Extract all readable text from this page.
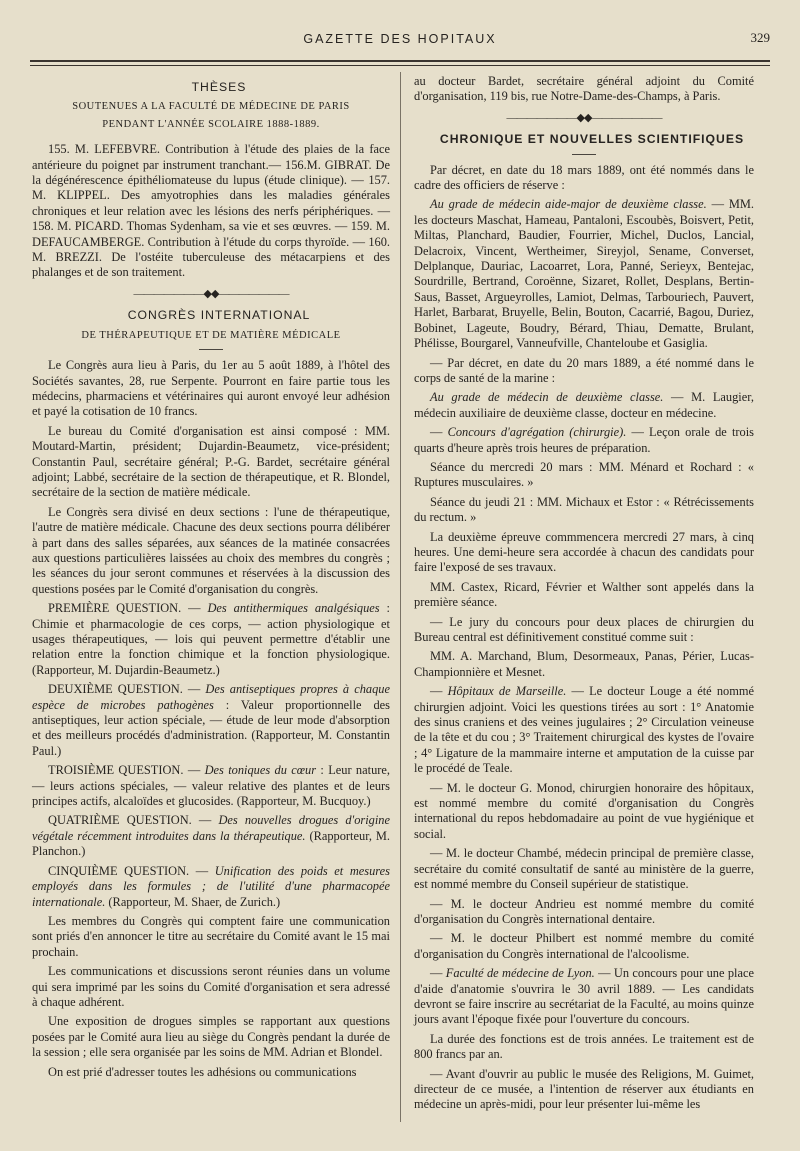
GAZETTE DES HOPITAUX	329

THÈSES

SOUTENUES A LA FACULTÉ DE MÉDECINE DE PARIS
PENDANT L'ANNÉE SCOLAIRE 1888-1889.

155. M. LEFEBVRE. Contribution à l'étude des plaies de la face antérieure du poignet par instrument tranchant.— 156.M. GIBRAT. De la dégénérescence épithéliomateuse du lupus (étude clinique). — 157. M. KLIPPEL. Des amyotrophies dans les maladies générales chroniques et leur relation avec les lésions des nerfs périphériques. — 158. M. PICARD. Thomas Sydenham, sa vie et ses œuvres. — 159. M. DEFAUCAMBERGE. Contribution à l'étude du corps thyroïde. — 160. M. BREZZI. De l'ostéite tuberculeuse des métacarpiens et des phalanges et de son traitement.

———————◆◆———————

CONGRÈS INTERNATIONAL

DE THÉRAPEUTIQUE ET DE MATIÈRE MÉDICALE

Le Congrès aura lieu à Paris, du 1er au 5 août 1889, à l'hôtel des Sociétés savantes, 28, rue Serpente. Pourront en faire partie tous les médecins, pharmaciens et vétérinaires qui auront envoyé leur adhésion et payé la cotisation de 10 francs.

Le bureau du Comité d'organisation est ainsi composé : MM. Moutard-Martin, président; Dujardin-Beaumetz, vice-président; Constantin Paul, secrétaire général; P.-G. Bardet, secrétaire général adjoint; Labbé, secrétaire de la section de thérapeutique, et R. Blondel, secrétaire de la section de matière médicale.

Le Congrès sera divisé en deux sections : l'une de thérapeutique, l'autre de matière médicale. Chacune des deux sections pourra délibérer à part dans des salles séparées, aux séances de la matinée consacrées aux questions particulières laissées au choix des membres du congrès ; les séances du jour seront communes et réservées à la discussion des questions posées par le Comité d'organisation du congrès.

PREMIÈRE QUESTION. — Des antithermiques analgésiques : Chimie et pharmacologie de ces corps, — action physiologique et usages thérapeutiques, — lois qui peuvent permettre d'établir une relation entre la fonction chimique et la fonction physiologique. (Rapporteur, M. Dujardin-Beaumetz.)

DEUXIÈME QUESTION. — Des antiseptiques propres à chaque espèce de microbes pathogènes : Valeur proportionnelle des antiseptiques, leur action spéciale, — étude de leur mode d'absorption et des meilleurs procédés d'administration. (Rapporteur, M. Constantin Paul.)

TROISIÈME QUESTION. — Des toniques du cœur : Leur nature, — leurs actions spéciales, — valeur relative des plantes et de leurs principes actifs, alcaloïdes et glucosides. (Rapporteur, M. Bucquoy.)

QUATRIÈME QUESTION. — Des nouvelles drogues d'origine végétale récemment introduites dans la thérapeutique. (Rapporteur, M. Planchon.)

CINQUIÈME QUESTION. — Unification des poids et mesures employés dans les formules ; de l'utilité d'une pharmacopée internationale. (Rapporteur, M. Shaer, de Zurich.)

Les membres du Congrès qui comptent faire une communication sont priés d'en annoncer le titre au secrétaire du Comité avant le 15 mai prochain.

Les communications et discussions seront réunies dans un volume qui sera imprimé par les soins du Comité d'organisation et sera adressé à chaque adhérent.

Une exposition de drogues simples se rapportant aux questions posées par le Comité aura lieu au siège du Congrès pendant la durée de la session ; elle sera organisée par les soins de MM. Adrian et Blondel.

On est prié d'adresser toutes les adhésions ou communications

au docteur Bardet, secrétaire général adjoint du Comité d'organisation, 119 bis, rue Notre-Dame-des-Champs, à Paris.

———————◆◆———————

CHRONIQUE ET NOUVELLES SCIENTIFIQUES

Par décret, en date du 18 mars 1889, ont été nommés dans le cadre des officiers de réserve :

Au grade de médecin aide-major de deuxième classe. — MM. les docteurs Maschat, Hameau, Pantaloni, Escoubès, Boisvert, Petit, Miltas, Planchard, Baudier, Fourrier, Michel, Duclos, Lancial, Delacroix, Vincent, Wertheimer, Sireyjol, Sename, Converset, Delplanque, Dauriac, Lacoarret, Lora, Panné, Serieyx, Bentejac, Sourdrille, Bertrand, Coroënne, Sizaret, Rollet, Desplans, Bertin-Saus, Basset, Argueyrolles, Lamiot, Delmas, Tarbouriech, Pauvert, Harlet, Barbarat, Bruyelle, Belin, Bouton, Cacarrié, Bagou, Duriez, Bobinet, Lageute, Boudry, Bérard, Thiau, Dematte, Brulant, Phélisse, Bourgarel, Vanneufville, Chanteloube et Gasiglia.

— Par décret, en date du 20 mars 1889, a été nommé dans le corps de santé de la marine :

Au grade de médecin de deuxième classe. — M. Laugier, médecin auxiliaire de deuxième classe, docteur en médecine.

— Concours d'agrégation (chirurgie). — Leçon orale de trois quarts d'heure après trois heures de préparation.

Séance du mercredi 20 mars : MM. Ménard et Rochard : « Ruptures musculaires. »

Séance du jeudi 21 : MM. Michaux et Estor : « Rétrécissements du rectum. »

La deuxième épreuve commmencera mercredi 27 mars, à cinq heures. Une demi-heure sera accordée à chacun des candidats pour faire l'exposé de ses travaux.

MM. Castex, Ricard, Février et Walther sont appelés dans la première séance.

— Le jury du concours pour deux places de chirurgien du Bureau central est définitivement constitué comme suit :

MM. A. Marchand, Blum, Desormeaux, Panas, Périer, Lucas-Championnière et Mesnet.

— Hôpitaux de Marseille. — Le docteur Louge a été nommé chirurgien adjoint. Voici les questions tirées au sort : 1° Anatomie des sinus craniens et des veines jugulaires ; 2° Circulation veineuse de la tête et du cou ; 3° Traitement chirurgical des kystes de l'ovaire ; 4° Ligature de la mammaire interne et amputation de la cuisse par le procédé de Teale.

— M. le docteur G. Monod, chirurgien honoraire des hôpitaux, est nommé membre du comité d'organisation du Congrès international du repos hebdomadaire au point de vue hygiénique et social.

— M. le docteur Chambé, médecin principal de première classe, secrétaire du comité consultatif de santé au ministère de la guerre, est nommé membre du Conseil supérieur de statistique.

— M. le docteur Andrieu est nommé membre du comité d'organisation du Congrès international dentaire.

— M. le docteur Philbert est nommé membre du comité d'organisation du Congrès international de l'alcoolisme.

— Faculté de médecine de Lyon. — Un concours pour une place d'aide d'anatomie s'ouvrira le 30 avril 1889. — Les candidats devront se faire inscrire au secrétariat de la Faculté, au moins quinze jours avant l'époque fixée pour l'ouverture du concours.

La durée des fonctions est de trois années. Le traitement est de 800 francs par an.

— Avant d'ouvrir au public le musée des Religions, M. Guimet, directeur de ce musée, a l'intention de réserver aux étudiants en médecine un après-midi, pour leur présenter lui-même les
